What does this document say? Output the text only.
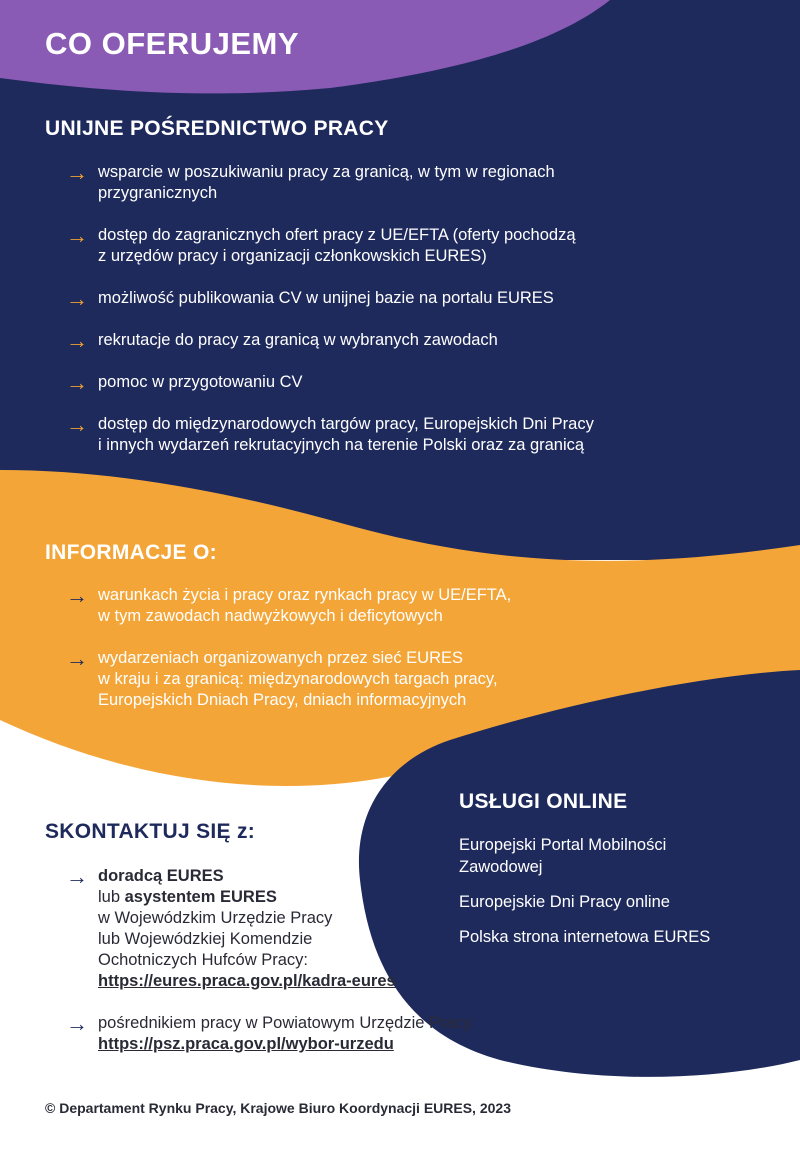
CO OFERUJEMY
UNIJNE POŚREDNICTWO PRACY
→ wsparcie w poszukiwaniu pracy za granicą, w tym w regionach
przygranicznych
→ dostęp do zagranicznych ofert pracy z UE/EFTA (oferty pochodzą
z urzędów pracy i organizacji członkowskich EURES)
→ możliwość publikowania CV w unijnej bazie na portalu EURES
→ rekrutacje do pracy za granicą w wybranych zawodach
→ pomoc w przygotowaniu CV
→ dostęp do międzynarodowych targów pracy, Europejskich Dni Pracy
i innych wydarzeń rekrutacyjnych na terenie Polski oraz za granicą
INFORMACJE O:
→ warunkach życia i pracy oraz rynkach pracy w UE/EFTA,
w tym zawodach nadwyżkowych i deficytowych
→ wydarzeniach organizowanych przez sieć EURES
w kraju i za granicą: międzynarodowych targach pracy,
Europejskich Dniach Pracy, dniach informacyjnych
SKONTAKTUJ SIĘ z:
→ doradcą EURES
lub asystentem EURES
w Wojewódzkim Urzędzie Pracy
lub Wojewódzkiej Komendzie
Ochotniczych Hufców Pracy:
https://eures.praca.gov.pl/kadra-eures
→ pośrednikiem pracy w Powiatowym Urzędzie Pracy:
https://psz.praca.gov.pl/wybor-urzedu
USŁUGI ONLINE
Europejski Portal Mobilności
Zawodowej
Europejskie Dni Pracy online
Polska strona internetowa EURES

© Departament Rynku Pracy, Krajowe Biuro Koordynacji EURES, 2023
